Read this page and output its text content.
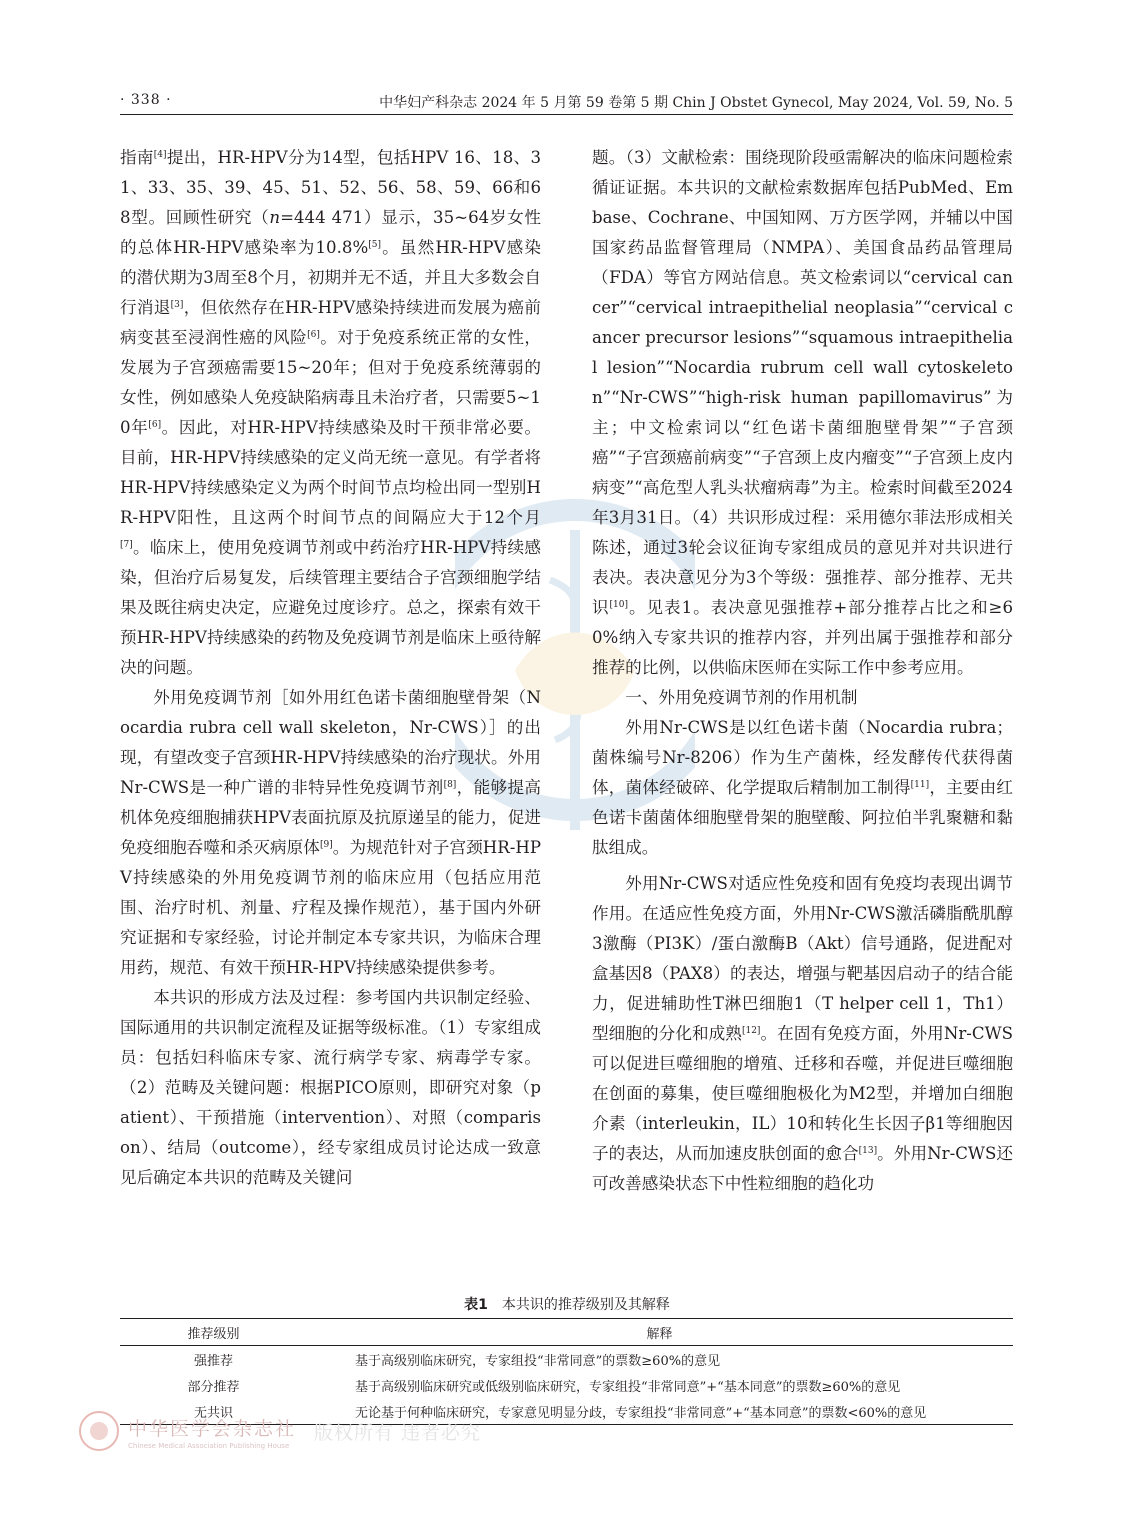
· 338 ·	中华妇产科杂志 2024 年 5 月第 59 卷第 5 期 Chin J Obstet Gynecol, May 2024, Vol. 59, No. 5

指南[4]提出，HR-HPV分为14型，包括HPV 16、18、31、33、35、39、45、51、52、56、58、59、66和68型。回顾性研究（n=444 471）显示，35~64岁女性的总体HR-HPV感染率为10.8%[5]。虽然HR-HPV感染的潜伏期为3周至8个月，初期并无不适，并且大多数会自行消退[3]，但依然存在HR-HPV感染持续进而发展为癌前病变甚至浸润性癌的风险[6]。对于免疫系统正常的女性，发展为子宫颈癌需要15~20年；但对于免疫系统薄弱的女性，例如感染人免疫缺陷病毒且未治疗者，只需要5~10年[6]。因此，对HR-HPV持续感染及时干预非常必要。目前，HR-HPV持续感染的定义尚无统一意见。有学者将HR-HPV持续感染定义为两个时间节点均检出同一型别HR-HPV阳性，且这两个时间节点的间隔应大于12个月[7]。临床上，使用免疫调节剂或中药治疗HR-HPV持续感染，但治疗后易复发，后续管理主要结合子宫颈细胞学结果及既往病史决定，应避免过度诊疗。总之，探索有效干预HR-HPV持续感染的药物及免疫调节剂是临床上亟待解决的问题。

外用免疫调节剂［如外用红色诺卡菌细胞壁骨架（Nocardia rubra cell wall skeleton，Nr-CWS）］的出现，有望改变子宫颈HR-HPV持续感染的治疗现状。外用Nr-CWS是一种广谱的非特异性免疫调节剂[8]，能够提高机体免疫细胞捕获HPV表面抗原及抗原递呈的能力，促进免疫细胞吞噬和杀灭病原体[9]。为规范针对子宫颈HR-HPV持续感染的外用免疫调节剂的临床应用（包括应用范围、治疗时机、剂量、疗程及操作规范），基于国内外研究证据和专家经验，讨论并制定本专家共识，为临床合理用药，规范、有效干预HR-HPV持续感染提供参考。

本共识的形成方法及过程：参考国内共识制定经验、国际通用的共识制定流程及证据等级标准。（1）专家组成员：包括妇科临床专家、流行病学专家、病毒学专家。（2）范畴及关键问题：根据PICO原则，即研究对象（patient）、干预措施（intervention）、对照（comparison）、结局（outcome），经专家组成员讨论达成一致意见后确定本共识的范畴及关键问

题。（3）文献检索：围绕现阶段亟需解决的临床问题检索循证证据。本共识的文献检索数据库包括PubMed、Embase、Cochrane、中国知网、万方医学网，并辅以中国国家药品监督管理局（NMPA）、美国食品药品管理局（FDA）等官方网站信息。英文检索词以“cervical cancer”“cervical intraepithelial neoplasia”“cervical cancer precursor lesions”“squamous intraepithelial lesion”“Nocardia rubrum cell wall cytoskeleton”“Nr-CWS”“high-risk human papillomavirus”为主；中文检索词以“红色诺卡菌细胞壁骨架”“子宫颈癌”“子宫颈癌前病变”“子宫颈上皮内瘤变”“子宫颈上皮内病变”“高危型人乳头状瘤病毒”为主。检索时间截至2024年3月31日。（4）共识形成过程：采用德尔菲法形成相关陈述，通过3轮会议征询专家组成员的意见并对共识进行表决。表决意见分为3个等级：强推荐、部分推荐、无共识[10]。见表1。表决意见强推荐+部分推荐占比之和≥60%纳入专家共识的推荐内容，并列出属于强推荐和部分推荐的比例，以供临床医师在实际工作中参考应用。

一、外用免疫调节剂的作用机制

外用Nr-CWS是以红色诺卡菌（Nocardia rubra；菌株编号Nr-8206）作为生产菌株，经发酵传代获得菌体，菌体经破碎、化学提取后精制加工制得[11]，主要由红色诺卡菌菌体细胞壁骨架的胞壁酸、阿拉伯半乳聚糖和黏肽组成。

外用Nr-CWS对适应性免疫和固有免疫均表现出调节作用。在适应性免疫方面，外用Nr-CWS激活磷脂酰肌醇3激酶（PI3K）/蛋白激酶B（Akt）信号通路，促进配对盒基因8（PAX8）的表达，增强与靶基因启动子的结合能力，促进辅助性T淋巴细胞1（T helper cell 1，Th1）型细胞的分化和成熟[12]。在固有免疫方面，外用Nr-CWS可以促进巨噬细胞的增殖、迁移和吞噬，并促进巨噬细胞在创面的募集，使巨噬细胞极化为M2型，并增加白细胞介素（interleukin，IL）10和转化生长因子β1等细胞因子的表达，从而加速皮肤创面的愈合[13]。外用Nr-CWS还可改善感染状态下中性粒细胞的趋化功

表1 本共识的推荐级别及其解释
推荐级别	解释
强推荐	基于高级别临床研究，专家组投“非常同意”的票数≥60%的意见
部分推荐	基于高级别临床研究或低级别临床研究，专家组投“非常同意”+“基本同意”的票数≥60%的意见
无共识	无论基于何种临床研究，专家意见明显分歧，专家组投“非常同意”+“基本同意”的票数<60%的意见
中华医学会杂志社
Chinese Medical Association Publishing House
版权所有 违者必究
